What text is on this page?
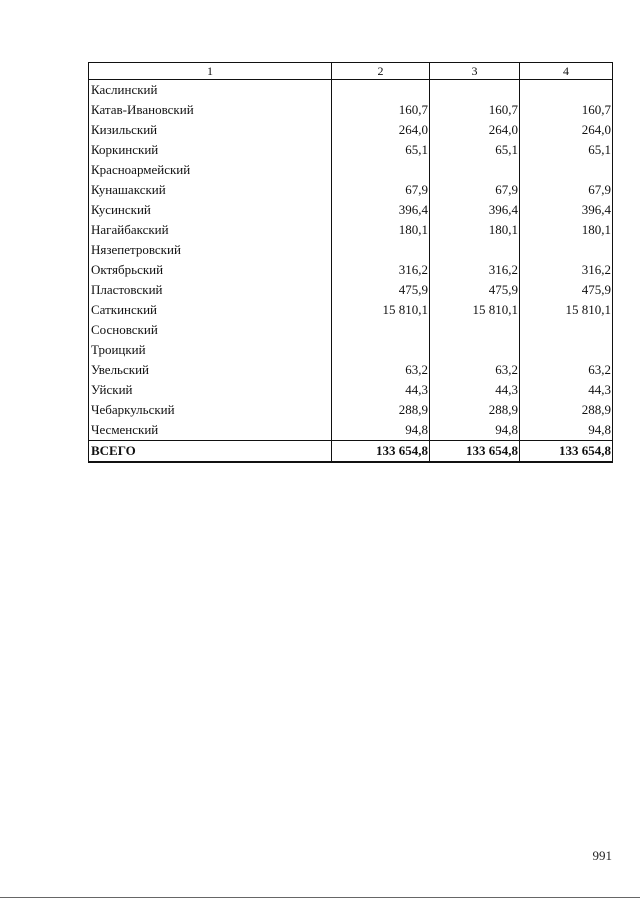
1	2	3	4
Каслинский			
Катав-Ивановский	160,7	160,7	160,7
Кизильский	264,0	264,0	264,0
Коркинский	65,1	65,1	65,1
Красноармейский			
Кунашакский	67,9	67,9	67,9
Кусинский	396,4	396,4	396,4
Нагайбакский	180,1	180,1	180,1
Нязепетровский			
Октябрьский	316,2	316,2	316,2
Пластовский	475,9	475,9	475,9
Саткинский	15 810,1	15 810,1	15 810,1
Сосновский			
Троицкий			
Увельский	63,2	63,2	63,2
Уйский	44,3	44,3	44,3
Чебаркульский	288,9	288,9	288,9
Чесменский	94,8	94,8	94,8
ВСЕГО	133 654,8	133 654,8	133 654,8
991
